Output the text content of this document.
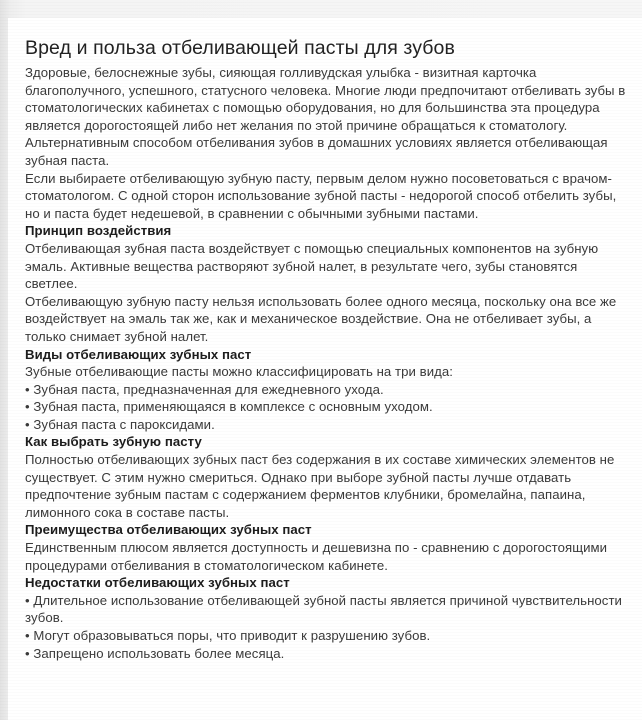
Вред и польза отбеливающей пасты для зубов

Здоровые, белоснежные зубы, сияющая голливудская улыбка - визитная карточка благополучного, успешного, статусного человека. Многие люди предпочитают отбеливать зубы в стоматологических кабинетах с помощью оборудования, но для большинства эта процедура является дорогостоящей либо нет желания по этой причине обращаться к стоматологу.

Альтернативным способом отбеливания зубов в домашних условиях является отбеливающая зубная паста.

Если выбираете отбеливающую зубную пасту, первым делом нужно посоветоваться с врачом-стоматологом. С одной сторон использование зубной пасты - недорогой способ отбелить зубы, но и паста будет недешевой, в сравнении с обычными зубными пастами.

Принцип воздействия

Отбеливающая зубная паста воздействует с помощью специальных компонентов на зубную эмаль. Активные вещества растворяют зубной налет, в результате чего, зубы становятся светлее.

Отбеливающую зубную пасту нельзя использовать более одного месяца, поскольку она все же воздействует на эмаль так же, как и механическое воздействие. Она не отбеливает зубы, а только снимает зубной налет.

Виды отбеливающих зубных паст

Зубные отбеливающие пасты можно классифицировать на три вида:

• Зубная паста, предназначенная для ежедневного ухода.

• Зубная паста, применяющаяся в комплексе с основным уходом.

• Зубная паста с пароксидами.

Как выбрать зубную пасту

Полностью отбеливающих зубных паст без содержания в их составе химических элементов не существует. С этим нужно смериться. Однако при выборе зубной пасты лучше отдавать предпочтение зубным пастам с содержанием ферментов клубники, бромелайна, папаина, лимонного сока в составе пасты.

Преимущества отбеливающих зубных паст

Единственным плюсом является доступность и дешевизна по - сравнению с дорогостоящими процедурами отбеливания в стоматологическом кабинете.

Недостатки отбеливающих зубных паст

• Длительное использование отбеливающей зубной пасты является причиной чувствительности зубов.

• Могут образовываться поры, что приводит к разрушению зубов.

• Запрещено использовать более месяца.
